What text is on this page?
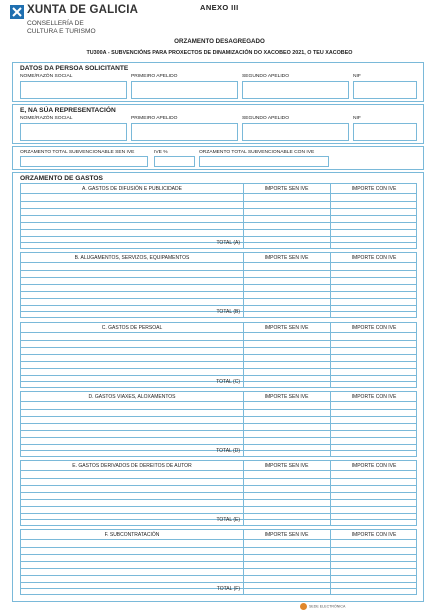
XUNTA DE GALICIA
CONSELLERÍA DE
CULTURA E TURISMO
ANEXO III
ORZAMENTO DESAGREGADO
TU300A - SUBVENCIÓNS PARA PROXECTOS DE DINAMIZACIÓN DO XACOBEO 2021, O TEU XACOBEO
DATOS DA PERSOA SOLICITANTE
NOME/RAZÓN SOCIAL	PRIMEIRO APELIDO	SEGUNDO APELIDO	NIF
E, NA SÚA REPRESENTACIÓN
NOME/RAZÓN SOCIAL	PRIMEIRO APELIDO	SEGUNDO APELIDO	NIF
ORZAMENTO TOTAL SUBVENCIONABLE SEN IVE	IVE %	ORZAMENTO TOTAL SUBVENCIONABLE CON IVE
ORZAMENTO DE GASTOS
A. GASTOS DE DIFUSIÓN E PUBLICIDADE	IMPORTE SEN IVE	IMPORTE CON IVE
TOTAL (A)
B. ALUGAMENTOS, SERVIZOS, EQUIPAMENTOS	IMPORTE SEN IVE	IMPORTE CON IVE
TOTAL (B)
C. GASTOS DE PERSOAL	IMPORTE SEN IVE	IMPORTE CON IVE
TOTAL (C)
D. GASTOS VIAXES, ALOXAMENTOS	IMPORTE SEN IVE	IMPORTE CON IVE
TOTAL (D)
E. GASTOS DERIVADOS DE DEREITOS DE AUTOR	IMPORTE SEN IVE	IMPORTE CON IVE
TOTAL (E)
F. SUBCONTRATACIÓN	IMPORTE SEN IVE	IMPORTE CON IVE
TOTAL (F)
SEDE ELECTRÓNICA
